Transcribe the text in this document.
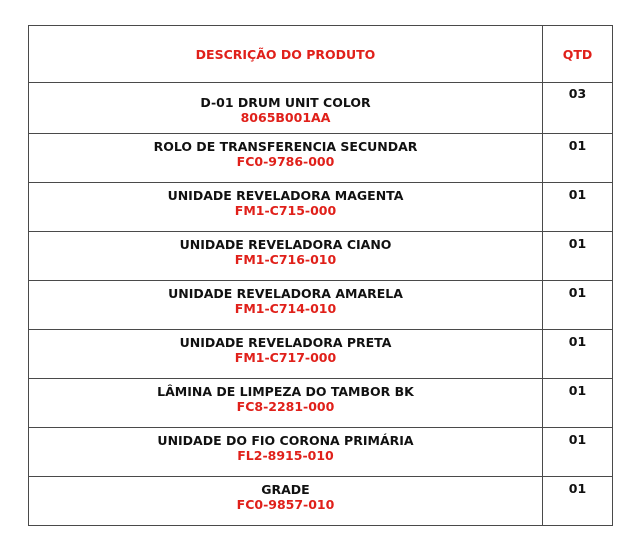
DESCRIÇÃO DO PRODUTO	QTD

D-01 DRUM UNIT COLOR
8065B001AA	03

ROLO DE TRANSFERENCIA SECUNDAR
FC0-9786-000	01

UNIDADE REVELADORA MAGENTA
FM1-C715-000	01

UNIDADE REVELADORA CIANO
FM1-C716-010	01

UNIDADE REVELADORA AMARELA
FM1-C714-010	01

UNIDADE REVELADORA PRETA
FM1-C717-000	01

LÂMINA DE LIMPEZA DO TAMBOR BK
FC8-2281-000	01

UNIDADE DO FIO CORONA PRIMÁRIA
FL2-8915-010	01

GRADE
FC0-9857-010	01
